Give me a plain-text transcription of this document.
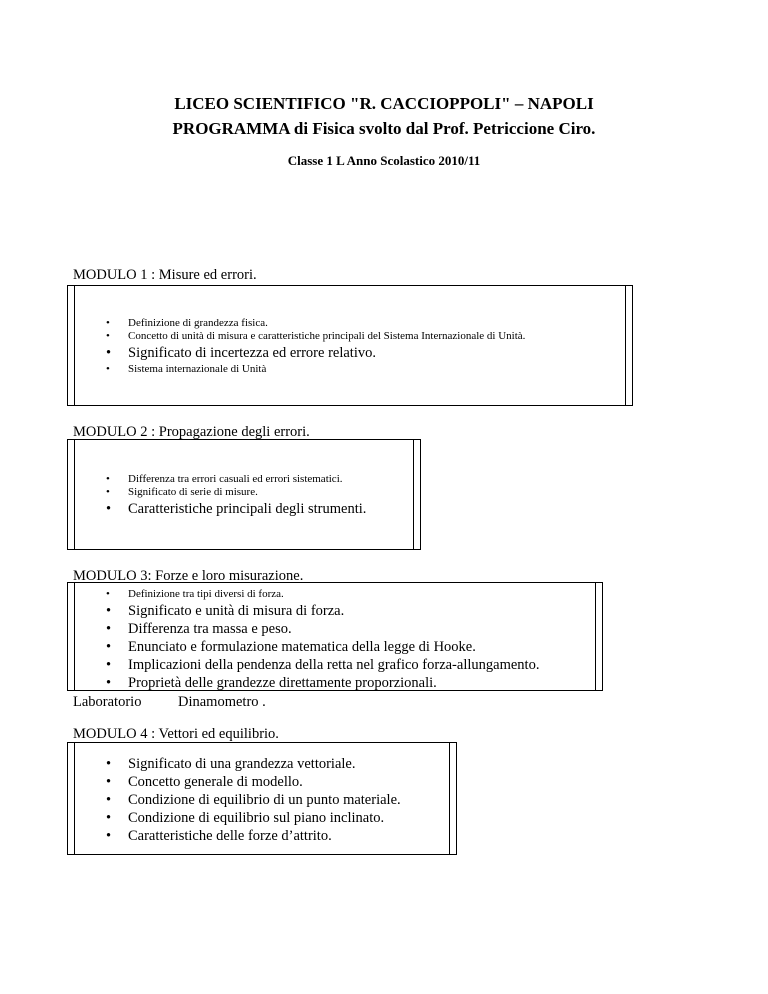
LICEO SCIENTIFICO "R. CACCIOPPOLI" – NAPOLI
PROGRAMMA di Fisica svolto dal Prof. Petriccione Ciro.
Classe 1 L Anno Scolastico 2010/11
MODULO 1 : Misure ed errori.
• Definizione di grandezza fisica.
• Concetto di unità di misura e caratteristiche principali del Sistema Internazionale di Unità.
• Significato di incertezza ed errore relativo.
• Sistema internazionale di Unità
MODULO 2 : Propagazione degli errori.
• Differenza tra errori casuali ed errori sistematici.
• Significato di serie di misure.
• Caratteristiche principali degli strumenti.
MODULO 3: Forze e loro misurazione.
• Definizione tra tipi diversi di forza.
• Significato e unità di misura di forza.
• Differenza tra massa e peso.
• Enunciato e formulazione matematica della legge di Hooke.
• Implicazioni della pendenza della retta nel grafico forza-allungamento.
• Proprietà delle grandezze direttamente proporzionali.
Laboratorio	Dinamometro .
MODULO 4 : Vettori ed equilibrio.
• Significato di una grandezza vettoriale.
• Concetto generale di modello.
• Condizione di equilibrio di un punto materiale.
• Condizione di equilibrio sul piano inclinato.
• Caratteristiche delle forze d’attrito.
